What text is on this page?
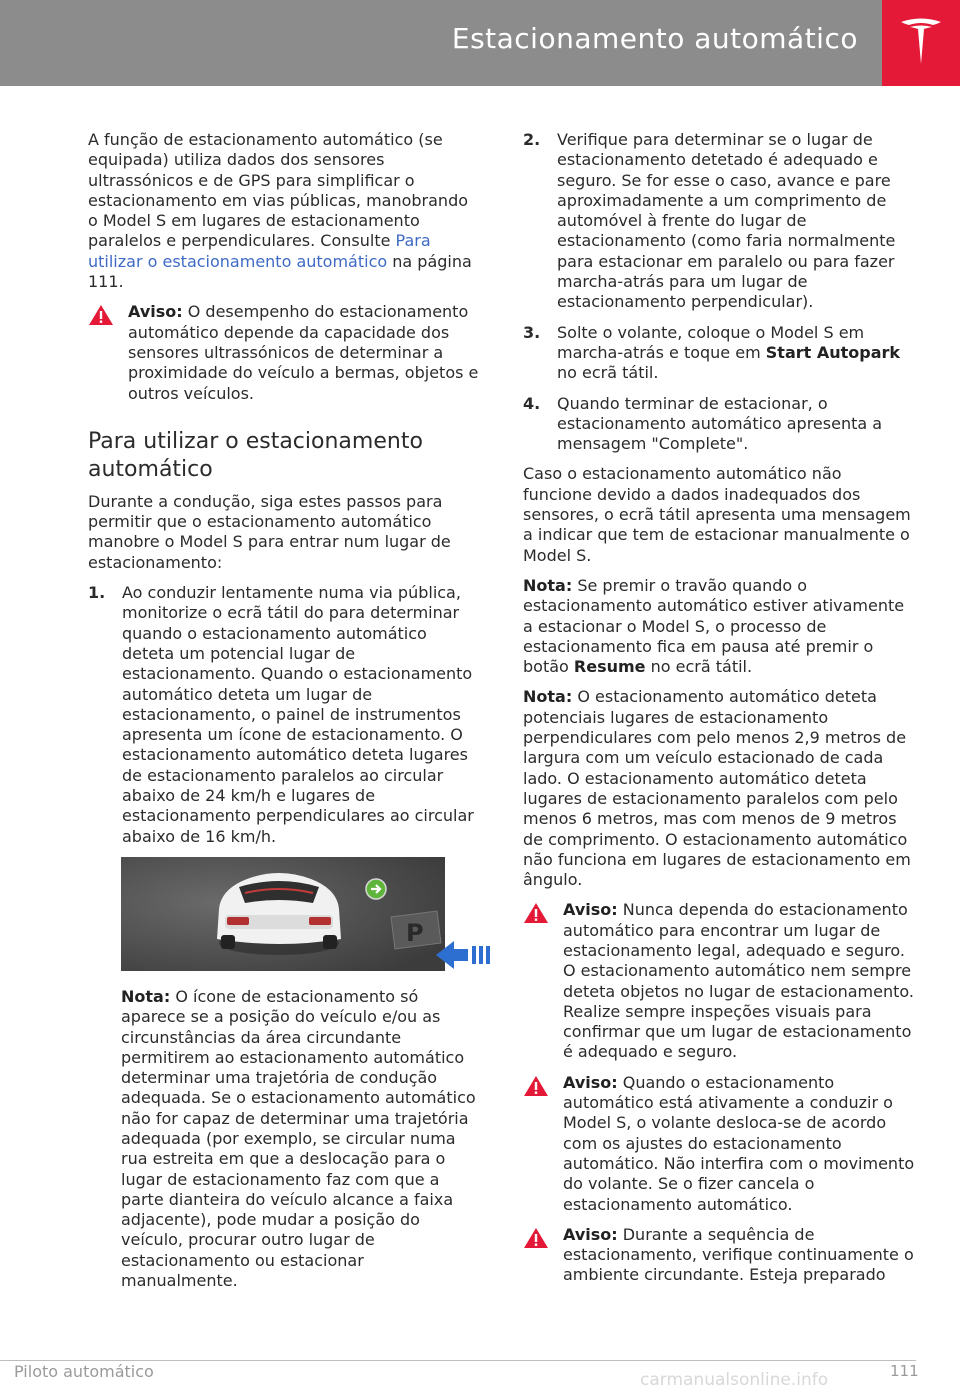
Estacionamento automático

A função de estacionamento automático (se equipada) utiliza dados dos sensores ultrassónicos e de GPS para simplificar o estacionamento em vias públicas, manobrando o Model S em lugares de estacionamento paralelos e perpendiculares. Consulte Para utilizar o estacionamento automático na página 111.

Aviso: O desempenho do estacionamento automático depende da capacidade dos sensores ultrassónicos de determinar a proximidade do veículo a bermas, objetos e outros veículos.
Para utilizar o estacionamento automático

Durante a condução, siga estes passos para permitir que o estacionamento automático manobre o Model S para entrar num lugar de estacionamento:

1. Ao conduzir lentamente numa via pública, monitorize o ecrã tátil do para determinar quando o estacionamento automático deteta um potencial lugar de estacionamento. Quando o estacionamento automático deteta um lugar de estacionamento, o painel de instrumentos apresenta um ícone de estacionamento. O estacionamento automático deteta lugares de estacionamento paralelos ao circular abaixo de 24 km/h e lugares de estacionamento perpendiculares ao circular abaixo de 16 km/h.
P

Nota: O ícone de estacionamento só aparece se a posição do veículo e/ou as circunstâncias da área circundante permitirem ao estacionamento automático determinar uma trajetória de condução adequada. Se o estacionamento automático não for capaz de determinar uma trajetória adequada (por exemplo, se circular numa rua estreita em que a deslocação para o lugar de estacionamento faz com que a parte dianteira do veículo alcance a faixa adjacente), pode mudar a posição do veículo, procurar outro lugar de estacionamento ou estacionar manualmente.

2. Verifique para determinar se o lugar de estacionamento detetado é adequado e seguro. Se for esse o caso, avance e pare aproximadamente a um comprimento de automóvel à frente do lugar de estacionamento (como faria normalmente para estacionar em paralelo ou para fazer marcha-atrás para um lugar de estacionamento perpendicular).
3. Solte o volante, coloque o Model S em marcha-atrás e toque em Start Autopark no ecrã tátil.
4. Quando terminar de estacionar, o estacionamento automático apresenta a mensagem "Complete".

Caso o estacionamento automático não funcione devido a dados inadequados dos sensores, o ecrã tátil apresenta uma mensagem a indicar que tem de estacionar manualmente o Model S.

Nota: Se premir o travão quando o estacionamento automático estiver ativamente a estacionar o Model S, o processo de estacionamento fica em pausa até premir o botão Resume no ecrã tátil.

Nota: O estacionamento automático deteta potenciais lugares de estacionamento perpendiculares com pelo menos 2,9 metros de largura com um veículo estacionado de cada lado. O estacionamento automático deteta lugares de estacionamento paralelos com pelo menos 6 metros, mas com menos de 9 metros de comprimento. O estacionamento automático não funciona em lugares de estacionamento em ângulo.

Aviso: Nunca dependa do estacionamento automático para encontrar um lugar de estacionamento legal, adequado e seguro. O estacionamento automático nem sempre deteta objetos no lugar de estacionamento. Realize sempre inspeções visuais para confirmar que um lugar de estacionamento é adequado e seguro.
Aviso: Quando o estacionamento automático está ativamente a conduzir o Model S, o volante desloca-se de acordo com os ajustes do estacionamento automático. Não interfira com o movimento do volante. Se o fizer cancela o estacionamento automático.
Aviso: Durante a sequência de estacionamento, verifique continuamente o ambiente circundante. Esteja preparado
Piloto automático	111
carmanualsonline.info
